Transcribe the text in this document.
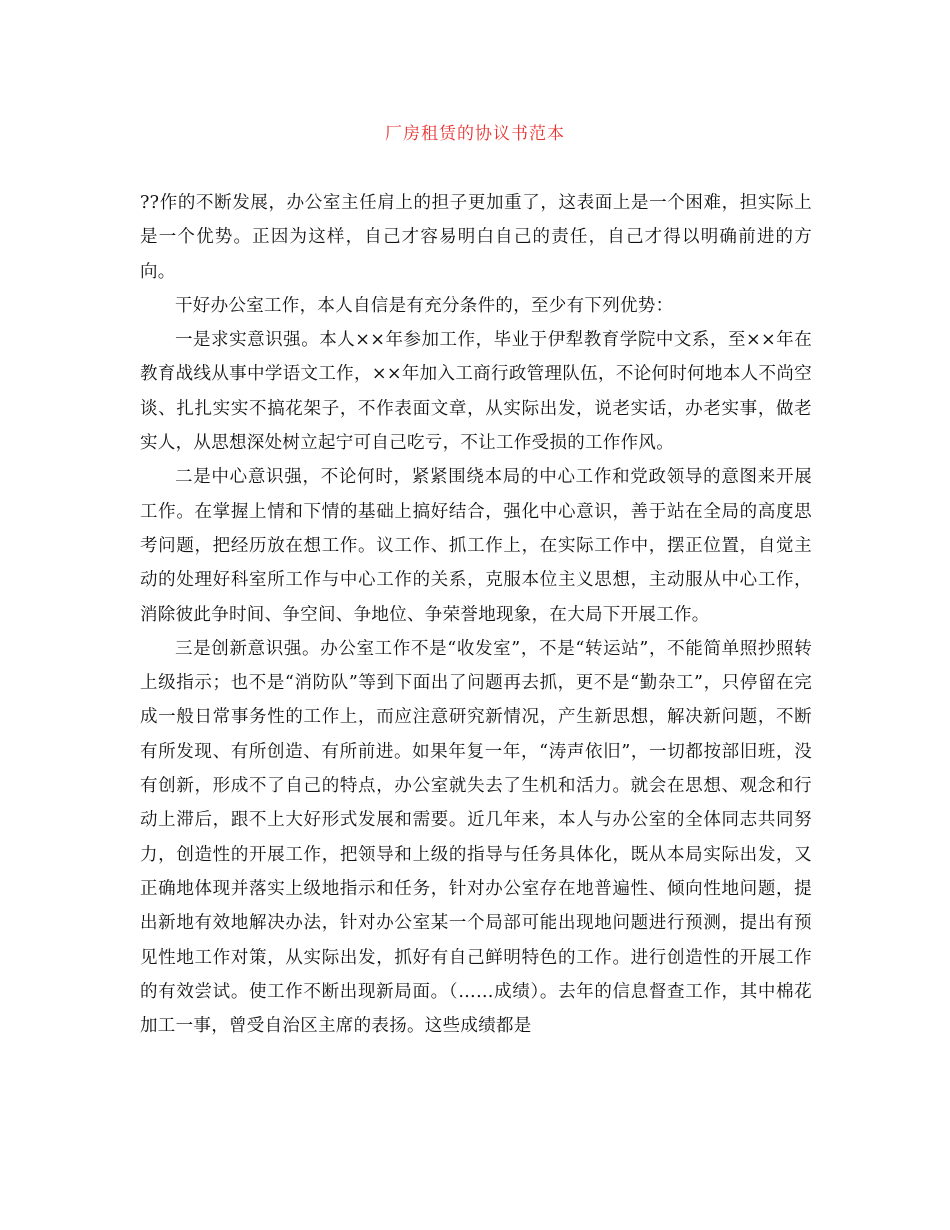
厂房租赁的协议书范本

??作的不断发展，办公室主任肩上的担子更加重了，这表面上是一个困难，担实际上是一个优势。正因为这样，自己才容易明白自己的责任，自己才得以明确前进的方向。

干好办公室工作，本人自信是有充分条件的，至少有下列优势：

一是求实意识强。本人××年参加工作，毕业于伊犁教育学院中文系，至××年在教育战线从事中学语文工作，××年加入工商行政管理队伍，不论何时何地本人不尚空谈、扎扎实实不搞花架子，不作表面文章，从实际出发，说老实话，办老实事，做老实人，从思想深处树立起宁可自己吃亏，不让工作受损的工作作风。

二是中心意识强，不论何时，紧紧围绕本局的中心工作和党政领导的意图来开展工作。在掌握上情和下情的基础上搞好结合，强化中心意识，善于站在全局的高度思考问题，把经历放在想工作。议工作、抓工作上，在实际工作中，摆正位置，自觉主动的处理好科室所工作与中心工作的关系，克服本位主义思想，主动服从中心工作，消除彼此争时间、争空间、争地位、争荣誉地现象，在大局下开展工作。

三是创新意识强。办公室工作不是“收发室”，不是“转运站”，不能简单照抄照转上级指示；也不是“消防队”等到下面出了问题再去抓，更不是“勤杂工”，只停留在完成一般日常事务性的工作上，而应注意研究新情况，产生新思想，解决新问题，不断有所发现、有所创造、有所前进。如果年复一年，“涛声依旧”，一切都按部旧班，没有创新，形成不了自己的特点，办公室就失去了生机和活力。就会在思想、观念和行动上滞后，跟不上大好形式发展和需要。近几年来，本人与办公室的全体同志共同努力，创造性的开展工作，把领导和上级的指导与任务具体化，既从本局实际出发，又正确地体现并落实上级地指示和任务，针对办公室存在地普遍性、倾向性地问题，提出新地有效地解决办法，针对办公室某一个局部可能出现地问题进行预测，提出有预见性地工作对策，从实际出发，抓好有自己鲜明特色的工作。进行创造性的开展工作的有效尝试。使工作不断出现新局面。（……成绩）。去年的信息督查工作，其中棉花加工一事，曾受自治区主席的表扬。这些成绩都是
